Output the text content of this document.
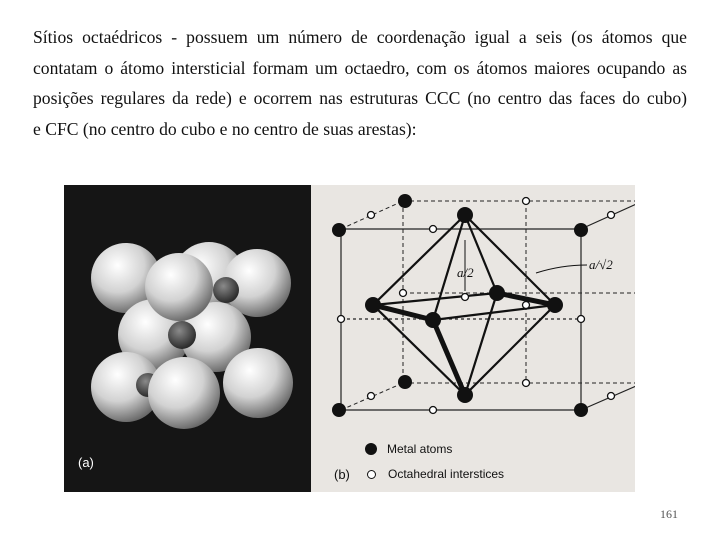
Sítios octaédricos - possuem um número de coordenação igual a seis (os átomos que
contatam o átomo intersticial formam um octaedro, com os átomos maiores ocupando as
posições regulares da rede) e ocorrem nas estruturas CCC (no centro das faces do cubo)
e CFC (no centro do cubo e no centro de suas arestas):
(a)
a/2
a/√2
Metal atoms
Octahedral interstices
(b)
161
